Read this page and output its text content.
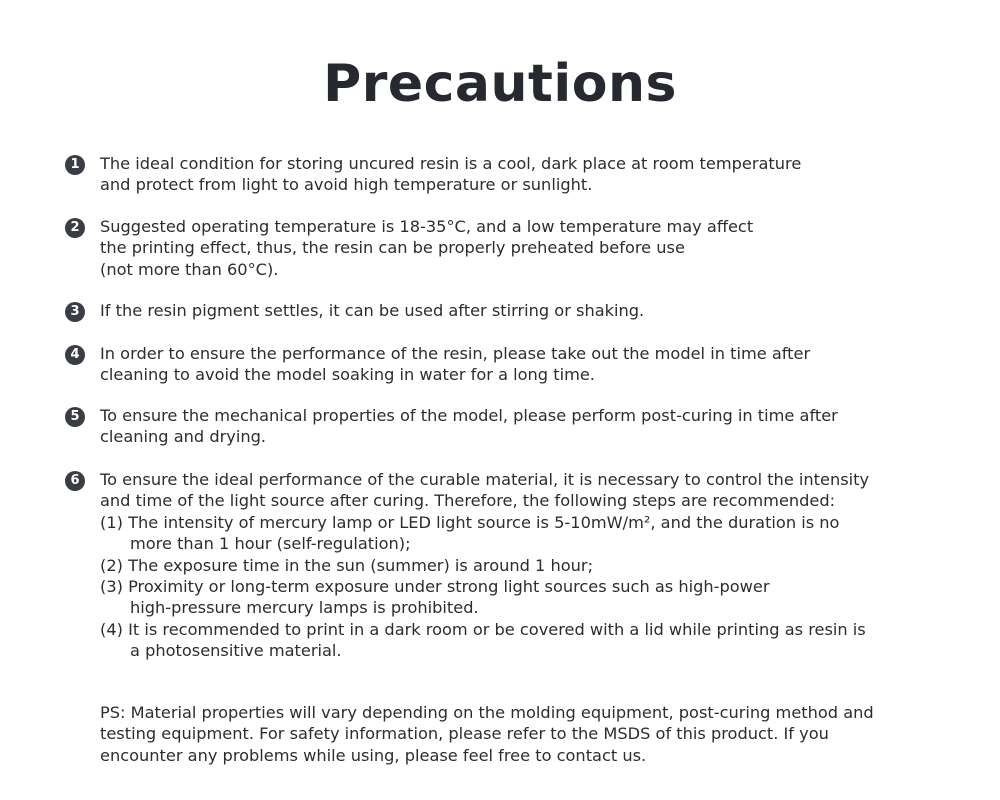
Precautions
1	The ideal condition for storing uncured resin is a cool, dark place at room temperature
and protect from light to avoid high temperature or sunlight.
2	Suggested operating temperature is 18-35°C, and a low temperature may affect
the printing effect, thus, the resin can be properly preheated before use
(not more than 60°C).
3	If the resin pigment settles, it can be used after stirring or shaking.
4	In order to ensure the performance of the resin, please take out the model in time after
cleaning to avoid the model soaking in water for a long time.
5	To ensure the mechanical properties of the model, please perform post-curing in time after
cleaning and drying.
6	To ensure the ideal performance of the curable material, it is necessary to control the intensity
and time of the light source after curing. Therefore, the following steps are recommended:
(1) The intensity of mercury lamp or LED light source is 5-10mW/m², and the duration is no
more than 1 hour (self-regulation);
(2) The exposure time in the sun (summer) is around 1 hour;
(3) Proximity or long-term exposure under strong light sources such as high-power
high-pressure mercury lamps is prohibited.
(4) It is recommended to print in a dark room or be covered with a lid while printing as resin is
a photosensitive material.
PS: Material properties will vary depending on the molding equipment, post-curing method and
testing equipment. For safety information, please refer to the MSDS of this product. If you
encounter any problems while using, please feel free to contact us.
